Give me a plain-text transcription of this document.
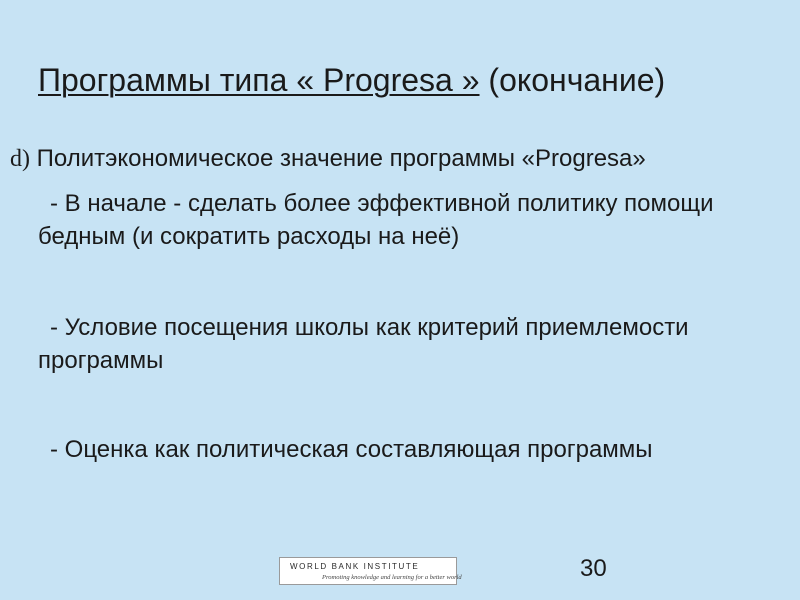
Программы типа « Progresa » (окончание)
d) Политэкономическое значение программы «Progresa»
- В начале - сделать более эффективной политику помощи бедным (и сократить расходы на неё)
- Условие посещения школы как критерий приемлемости программы
- Оценка как политическая составляющая программы
WORLD BANK INSTITUTE
Promoting knowledge and learning for a better world	30
